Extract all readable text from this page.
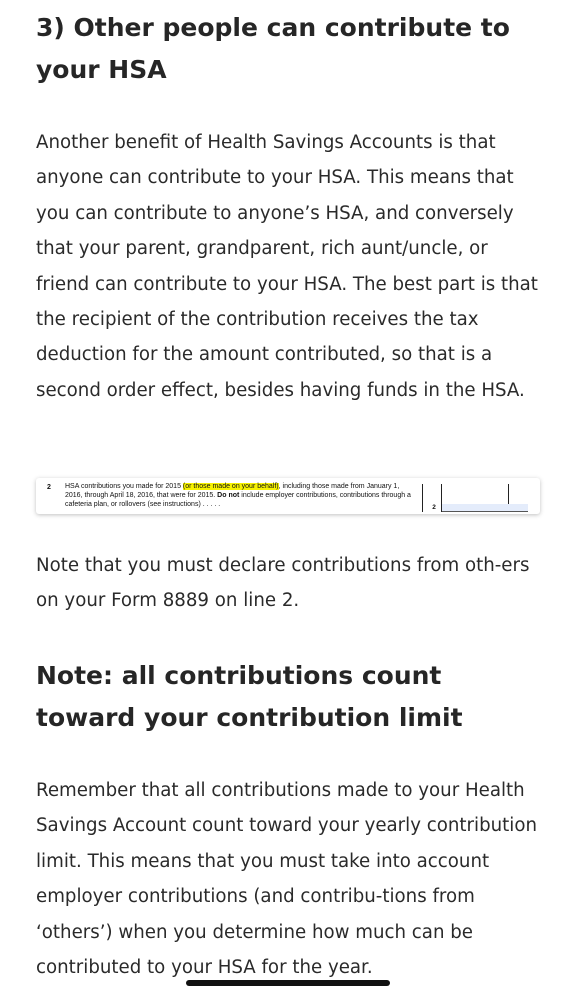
3) Other people can contribute to your HSA

Another benefit of Health Savings Accounts is that anyone can contribute to your HSA. This means that you can contribute to anyone’s HSA, and conversely that your parent, grandparent, rich aunt/uncle, or friend can contribute to your HSA. The best part is that the recipient of the contribution receives the tax deduction for the amount contributed, so that is a second order effect, besides having funds in the HSA.

2 HSA contributions you made for 2015 (or those made on your behalf), including those made from January 1, 2016, through April 18, 2016, that were for 2015. Do not include employer contributions, contributions through a cafeteria plan, or rollovers (see instructions) . . . . .	2

Note that you must declare contributions from oth-ers on your Form 8889 on line 2.

Note: all contributions count toward your contribution limit

Remember that all contributions made to your Health Savings Account count toward your yearly contribution limit. This means that you must take into account employer contributions (and contribu-tions from ‘others’) when you determine how much can be contributed to your HSA for the year.
